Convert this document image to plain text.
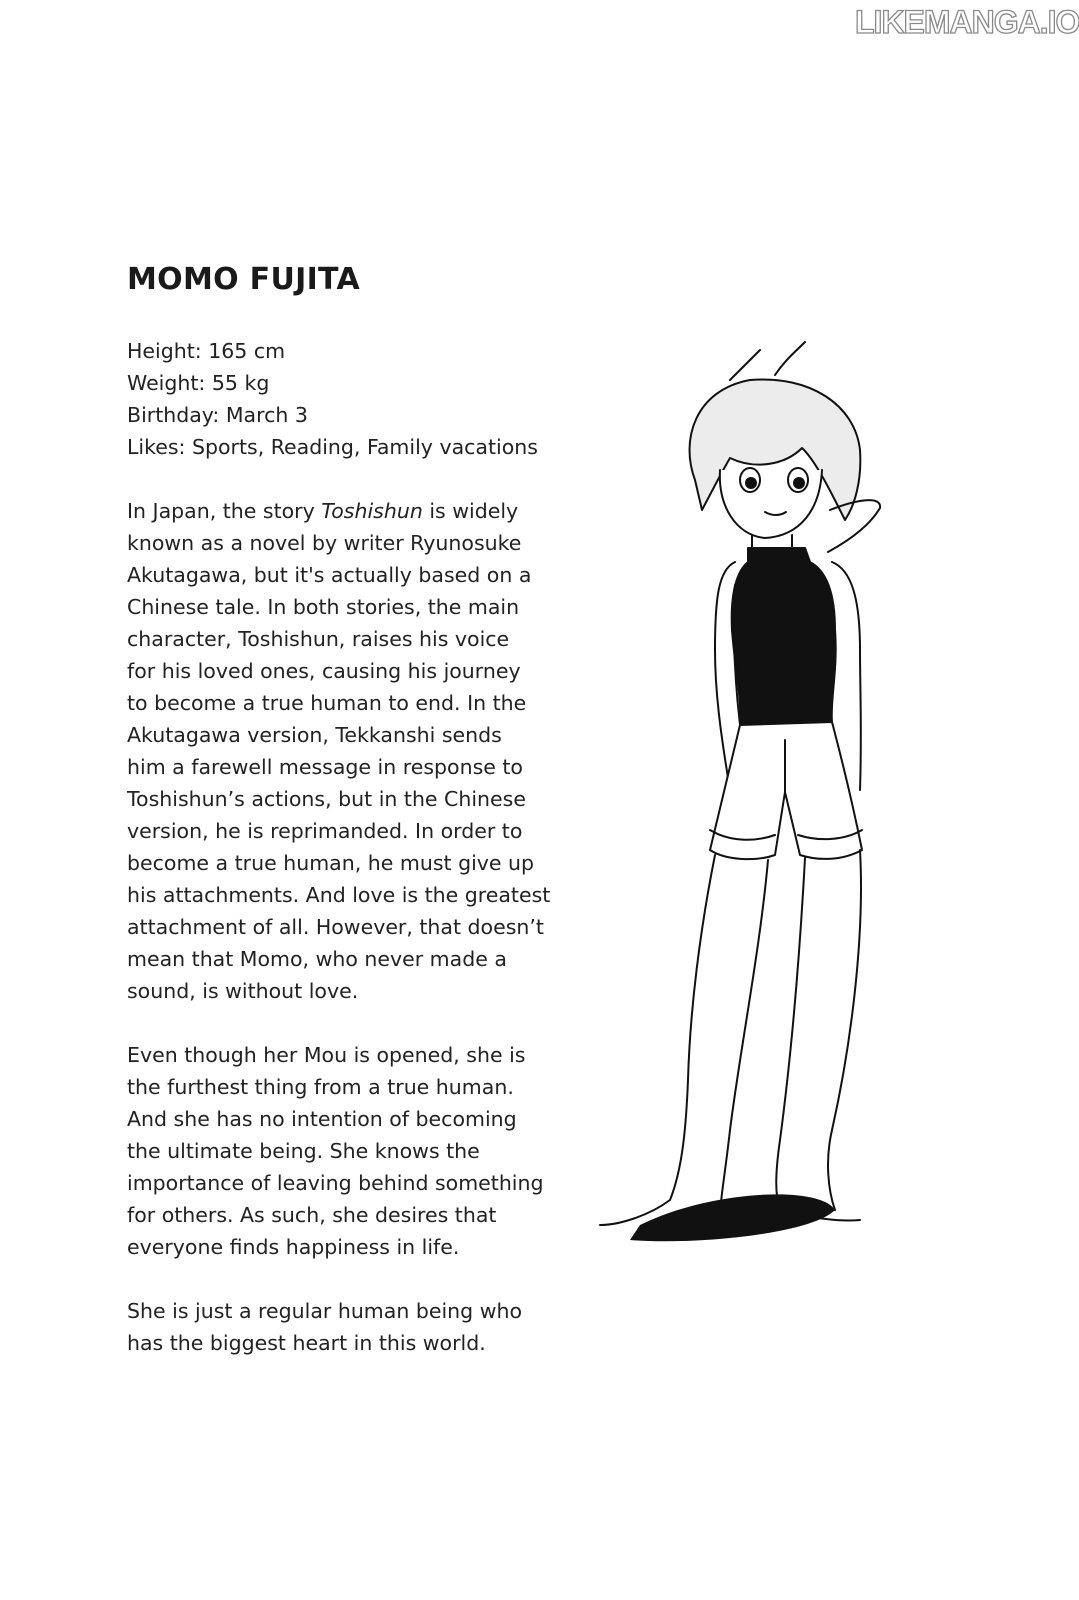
LIKEMANGA.IO
MOMO FUJITA
Height: 165 cm
Weight: 55 kg
Birthday: March 3
Likes: Sports, Reading, Family vacations
In Japan, the story Toshishun is widely
known as a novel by writer Ryunosuke
Akutagawa, but it's actually based on a
Chinese tale. In both stories, the main
character, Toshishun, raises his voice
for his loved ones, causing his journey
to become a true human to end. In the
Akutagawa version, Tekkanshi sends
him a farewell message in response to
Toshishun’s actions, but in the Chinese
version, he is reprimanded. In order to
become a true human, he must give up
his attachments. And love is the greatest
attachment of all. However, that doesn’t
mean that Momo, who never made a
sound, is without love.
Even though her Mou is opened, she is
the furthest thing from a true human.
And she has no intention of becoming
the ultimate being. She knows the
importance of leaving behind something
for others. As such, she desires that
everyone finds happiness in life.
She is just a regular human being who
has the biggest heart in this world.
